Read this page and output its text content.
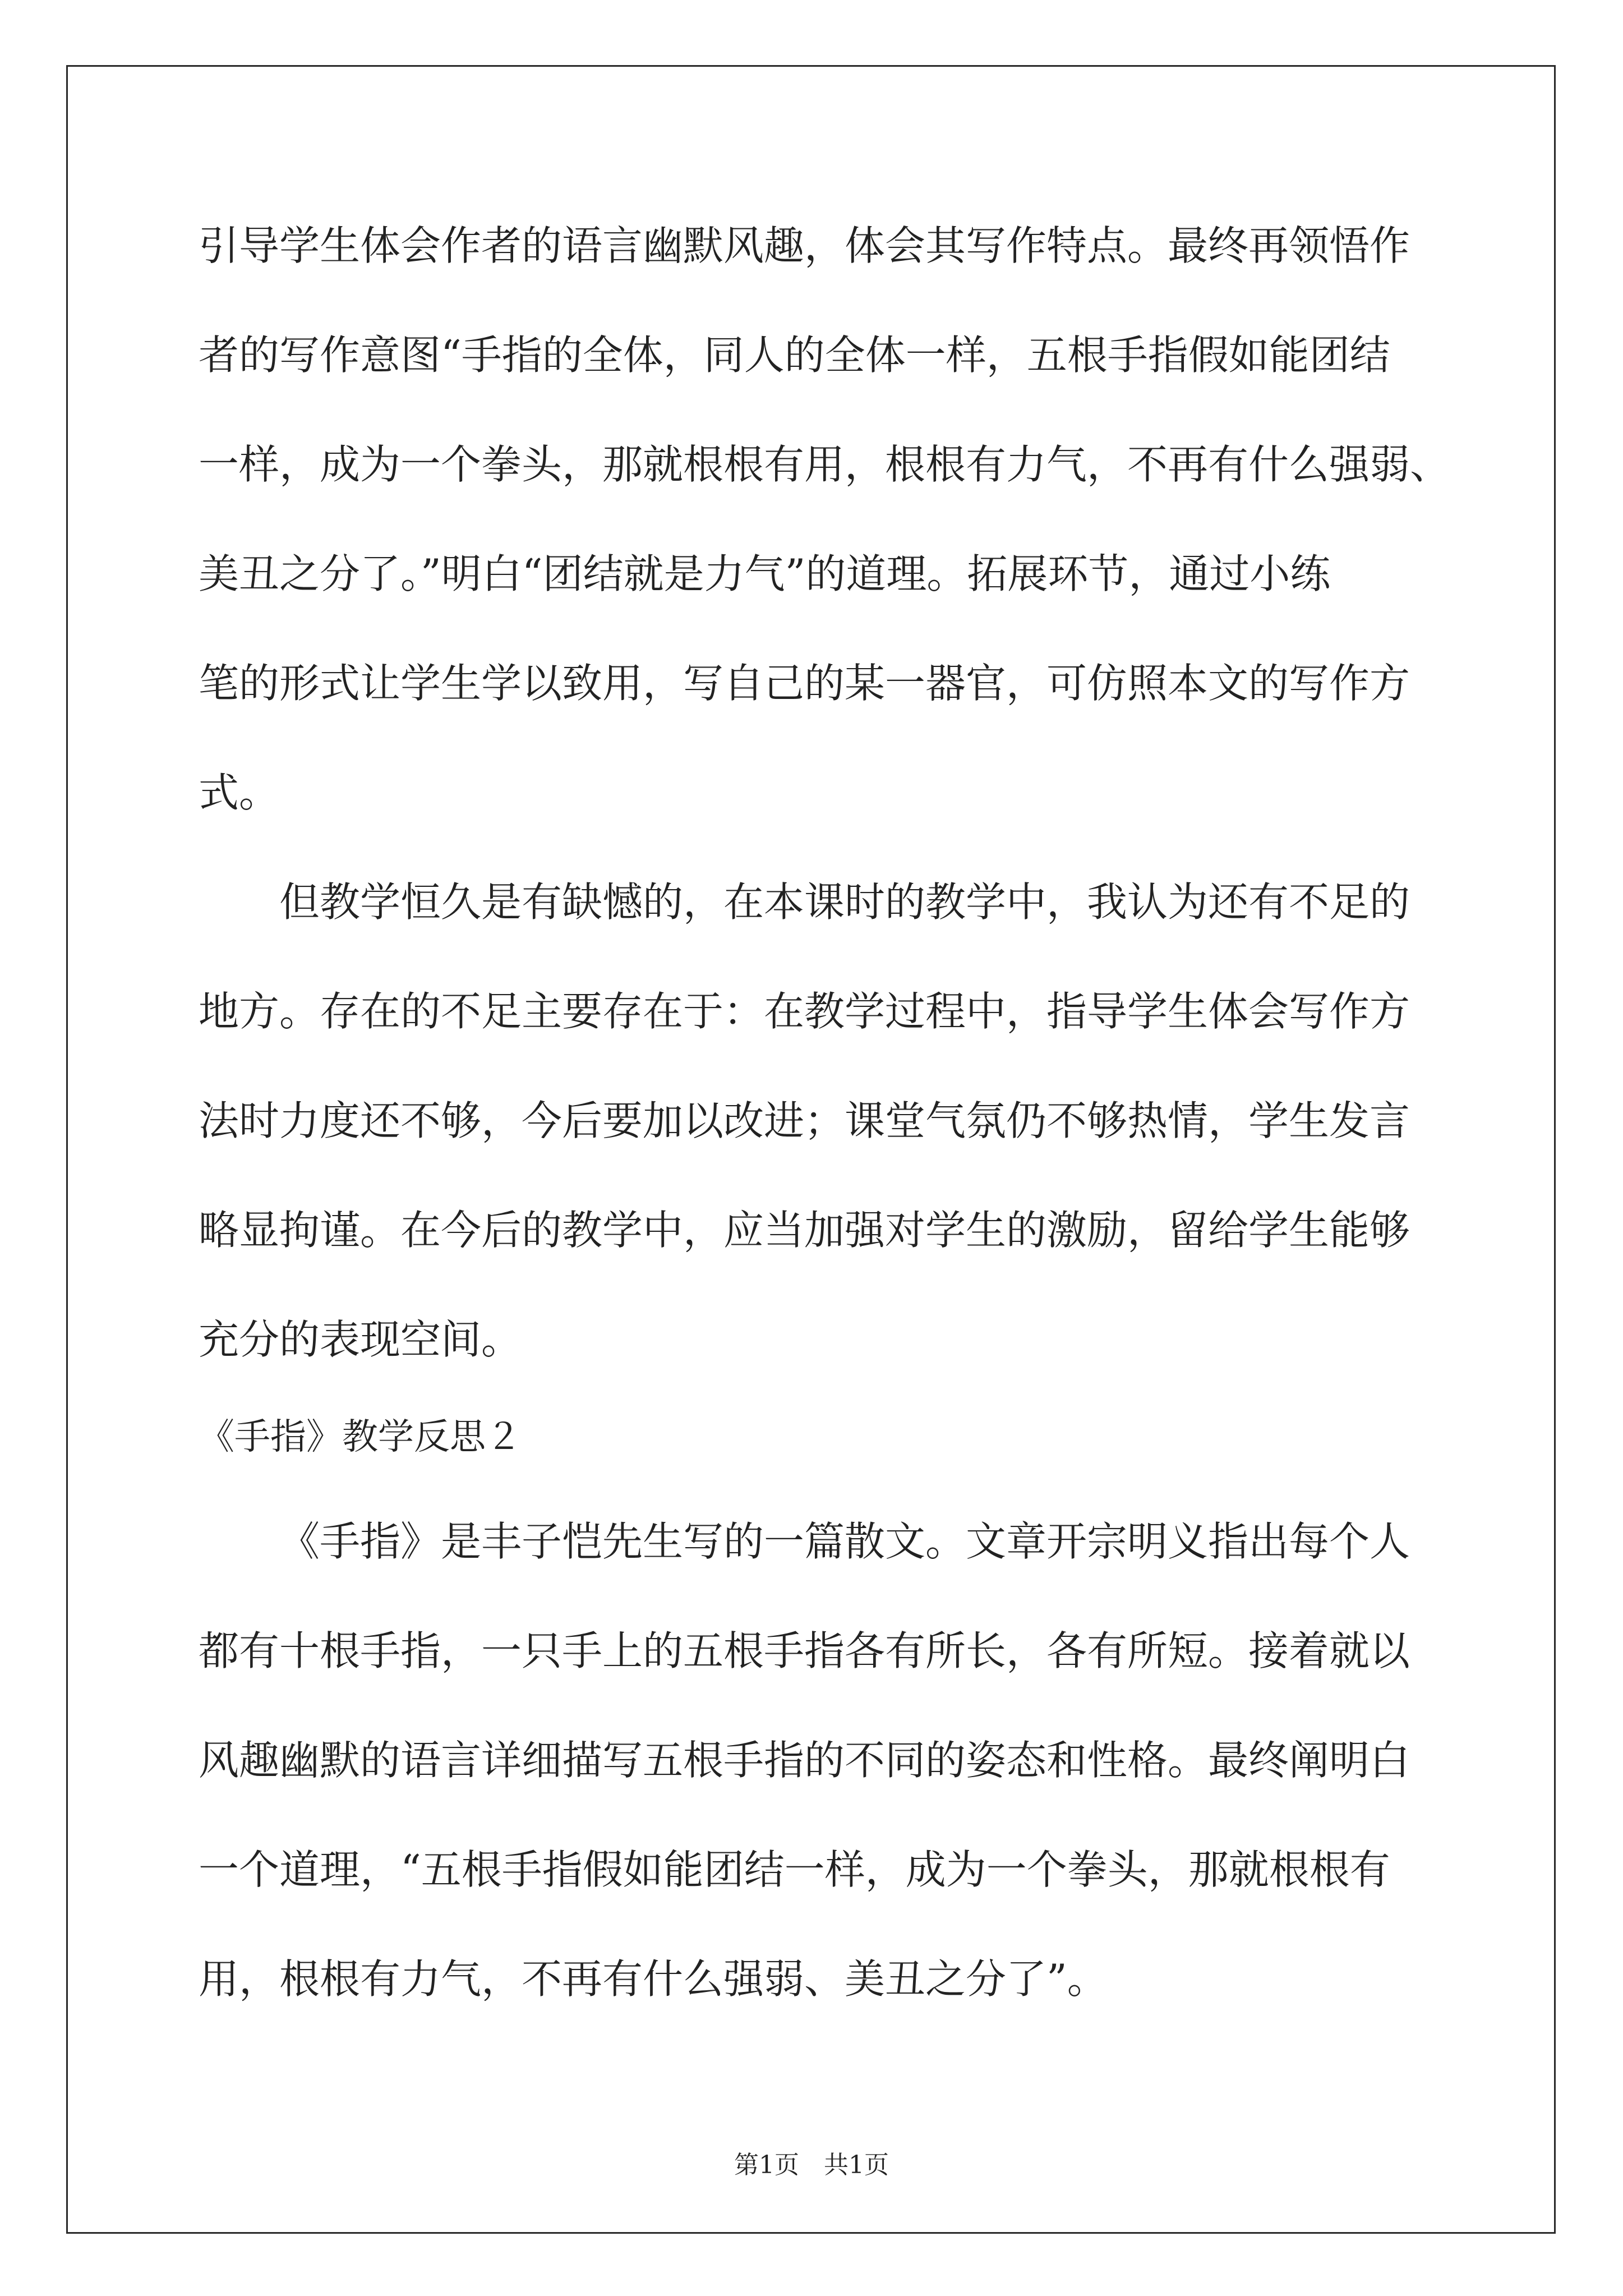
引导学生体会作者的语言幽默风趣，体会其写作特点。最终再领悟作

者的写作意图“手指的全体，同人的全体一样，五根手指假如能团结

一样，成为一个拳头，那就根根有用，根根有力气，不再有什么强弱、

美丑之分了。”明白“团结就是力气”的道理。拓展环节，通过小练

笔的形式让学生学以致用，写自己的某一器官，可仿照本文的写作方

式。

但教学恒久是有缺憾的，在本课时的教学中，我认为还有不足的

地方。存在的不足主要存在于：在教学过程中，指导学生体会写作方

法时力度还不够，今后要加以改进；课堂气氛仍不够热情，学生发言

略显拘谨。在今后的教学中，应当加强对学生的激励，留给学生能够

充分的表现空间。

《手指》教学反思２

《手指》是丰子恺先生写的一篇散文。文章开宗明义指出每个人

都有十根手指，一只手上的五根手指各有所长，各有所短。接着就以

风趣幽默的语言详细描写五根手指的不同的姿态和性格。最终阐明白

一个道理，“五根手指假如能团结一样，成为一个拳头，那就根根有

用，根根有力气，不再有什么强弱、美丑之分了”。

第1页　共1页
